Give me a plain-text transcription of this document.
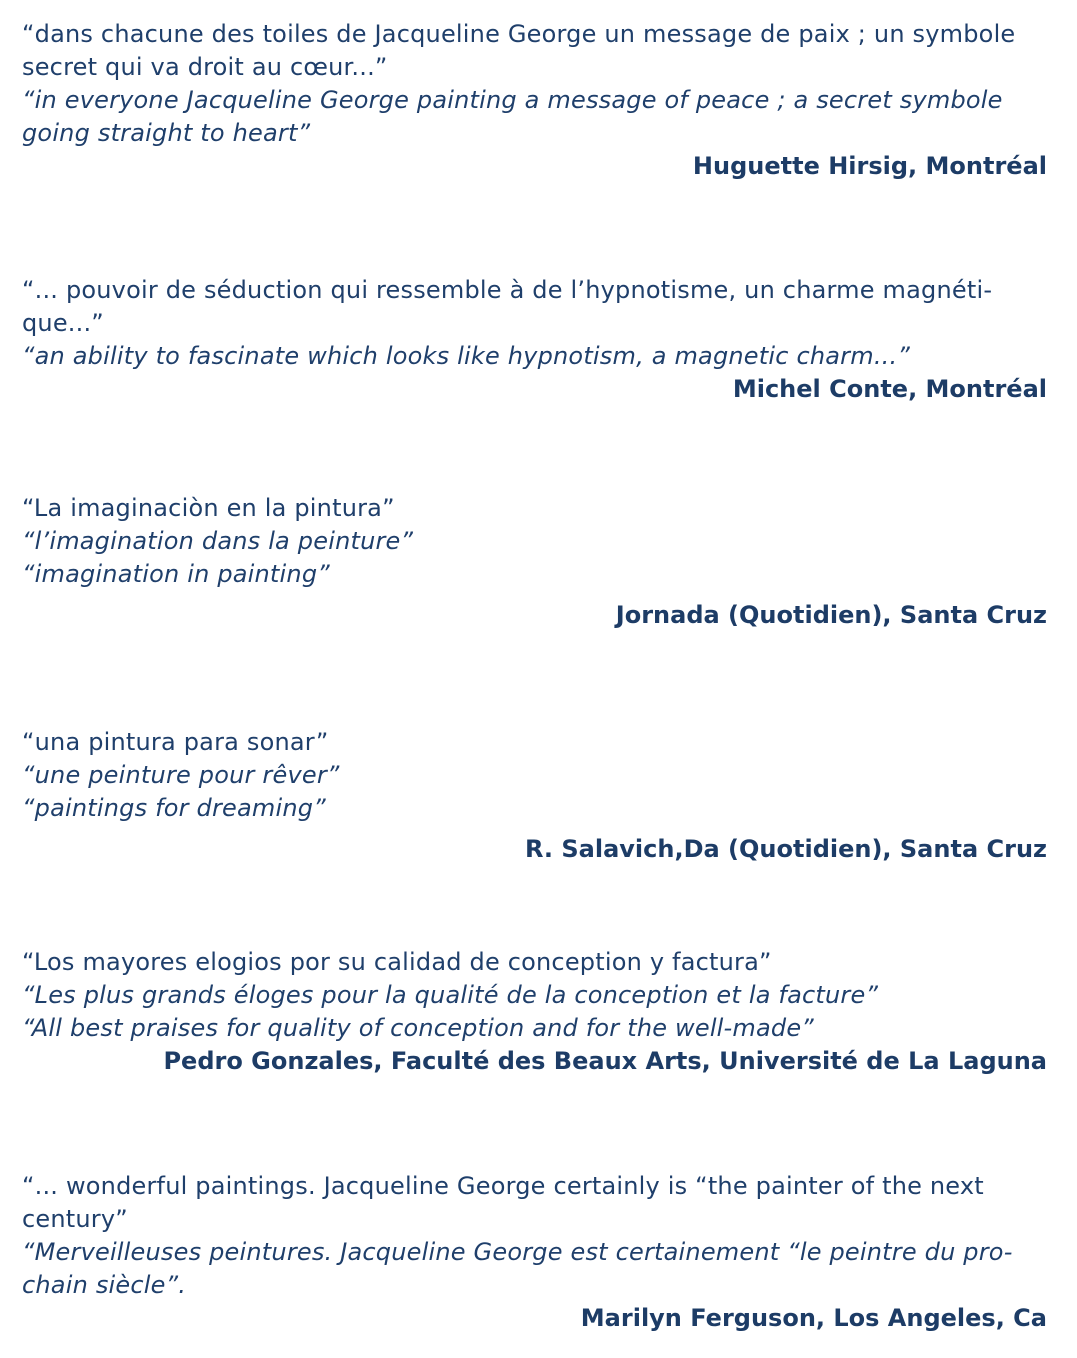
“dans chacune des toiles de Jacqueline George un message de paix ; un symbole
secret qui va droit au cœur...”
“in everyone Jacqueline George painting a message of peace ; a secret symbole
going straight to heart”
Huguette Hirsig, Montréal
“... pouvoir de séduction qui ressemble à de l’hypnotisme, un charme magnéti-
que...”
“an ability to fascinate which looks like hypnotism, a magnetic charm...”
Michel Conte, Montréal
“La imaginaciòn en la pintura”
“l’imagination dans la peinture”
“imagination in painting”
Jornada (Quotidien), Santa Cruz
“una pintura para sonar”
“une peinture pour rêver”
“paintings for dreaming”
R. Salavich,Da (Quotidien), Santa Cruz
“Los mayores elogios por su calidad de conception y factura”
“Les plus grands éloges pour la qualité de la conception et la facture”
“All best praises for quality of conception and for the well-made”
Pedro Gonzales, Faculté des Beaux Arts, Université de La Laguna
“... wonderful paintings. Jacqueline George certainly is “the painter of the next
century”
“Merveilleuses peintures. Jacqueline George est certainement “le peintre du pro-
chain siècle”.
Marilyn Ferguson, Los Angeles, Ca
